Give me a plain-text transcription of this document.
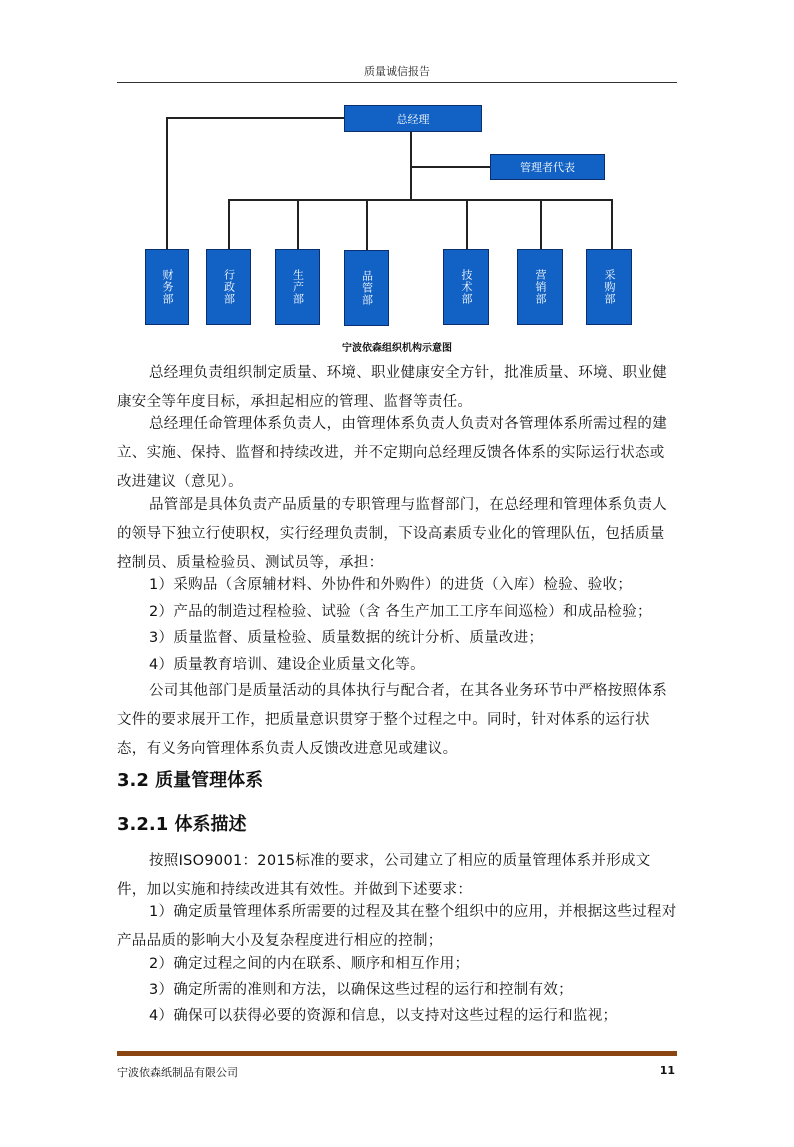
质量诚信报告
总经理
管理者代表
财务部	行政部	生产部	品管部	技术部	营销部	采购部
宁波依森组织机构示意图

总经理负责组织制定质量、环境、职业健康安全方针，批准质量、环境、职业健康安全等年度目标，承担起相应的管理、监督等责任。

总经理任命管理体系负责人，由管理体系负责人负责对各管理体系所需过程的建立、实施、保持、监督和持续改进，并不定期向总经理反馈各体系的实际运行状态或改进建议（意见）。

品管部是具体负责产品质量的专职管理与监督部门，在总经理和管理体系负责人的领导下独立行使职权，实行经理负责制，下设高素质专业化的管理队伍，包括质量控制员、质量检验员、测试员等，承担：

1）采购品（含原辅材料、外协件和外购件）的进货（入库）检验、验收；

2）产品的制造过程检验、试验（含 各生产加工工序车间巡检）和成品检验；

3）质量监督、质量检验、质量数据的统计分析、质量改进；

4）质量教育培训、建设企业质量文化等。

公司其他部门是质量活动的具体执行与配合者，在其各业务环节中严格按照体系文件的要求展开工作，把质量意识贯穿于整个过程之中。同时，针对体系的运行状态，有义务向管理体系负责人反馈改进意见或建议。

3.2 质量管理体系
3.2.1 体系描述

按照ISO9001：2015标准的要求，公司建立了相应的质量管理体系并形成文件，加以实施和持续改进其有效性。并做到下述要求：

1）确定质量管理体系所需要的过程及其在整个组织中的应用，并根据这些过程对产品品质的影响大小及复杂程度进行相应的控制；

2）确定过程之间的内在联系、顺序和相互作用；

3）确定所需的准则和方法，以确保这些过程的运行和控制有效；

4）确保可以获得必要的资源和信息，以支持对这些过程的运行和监视；

宁波依森纸制品有限公司	11
